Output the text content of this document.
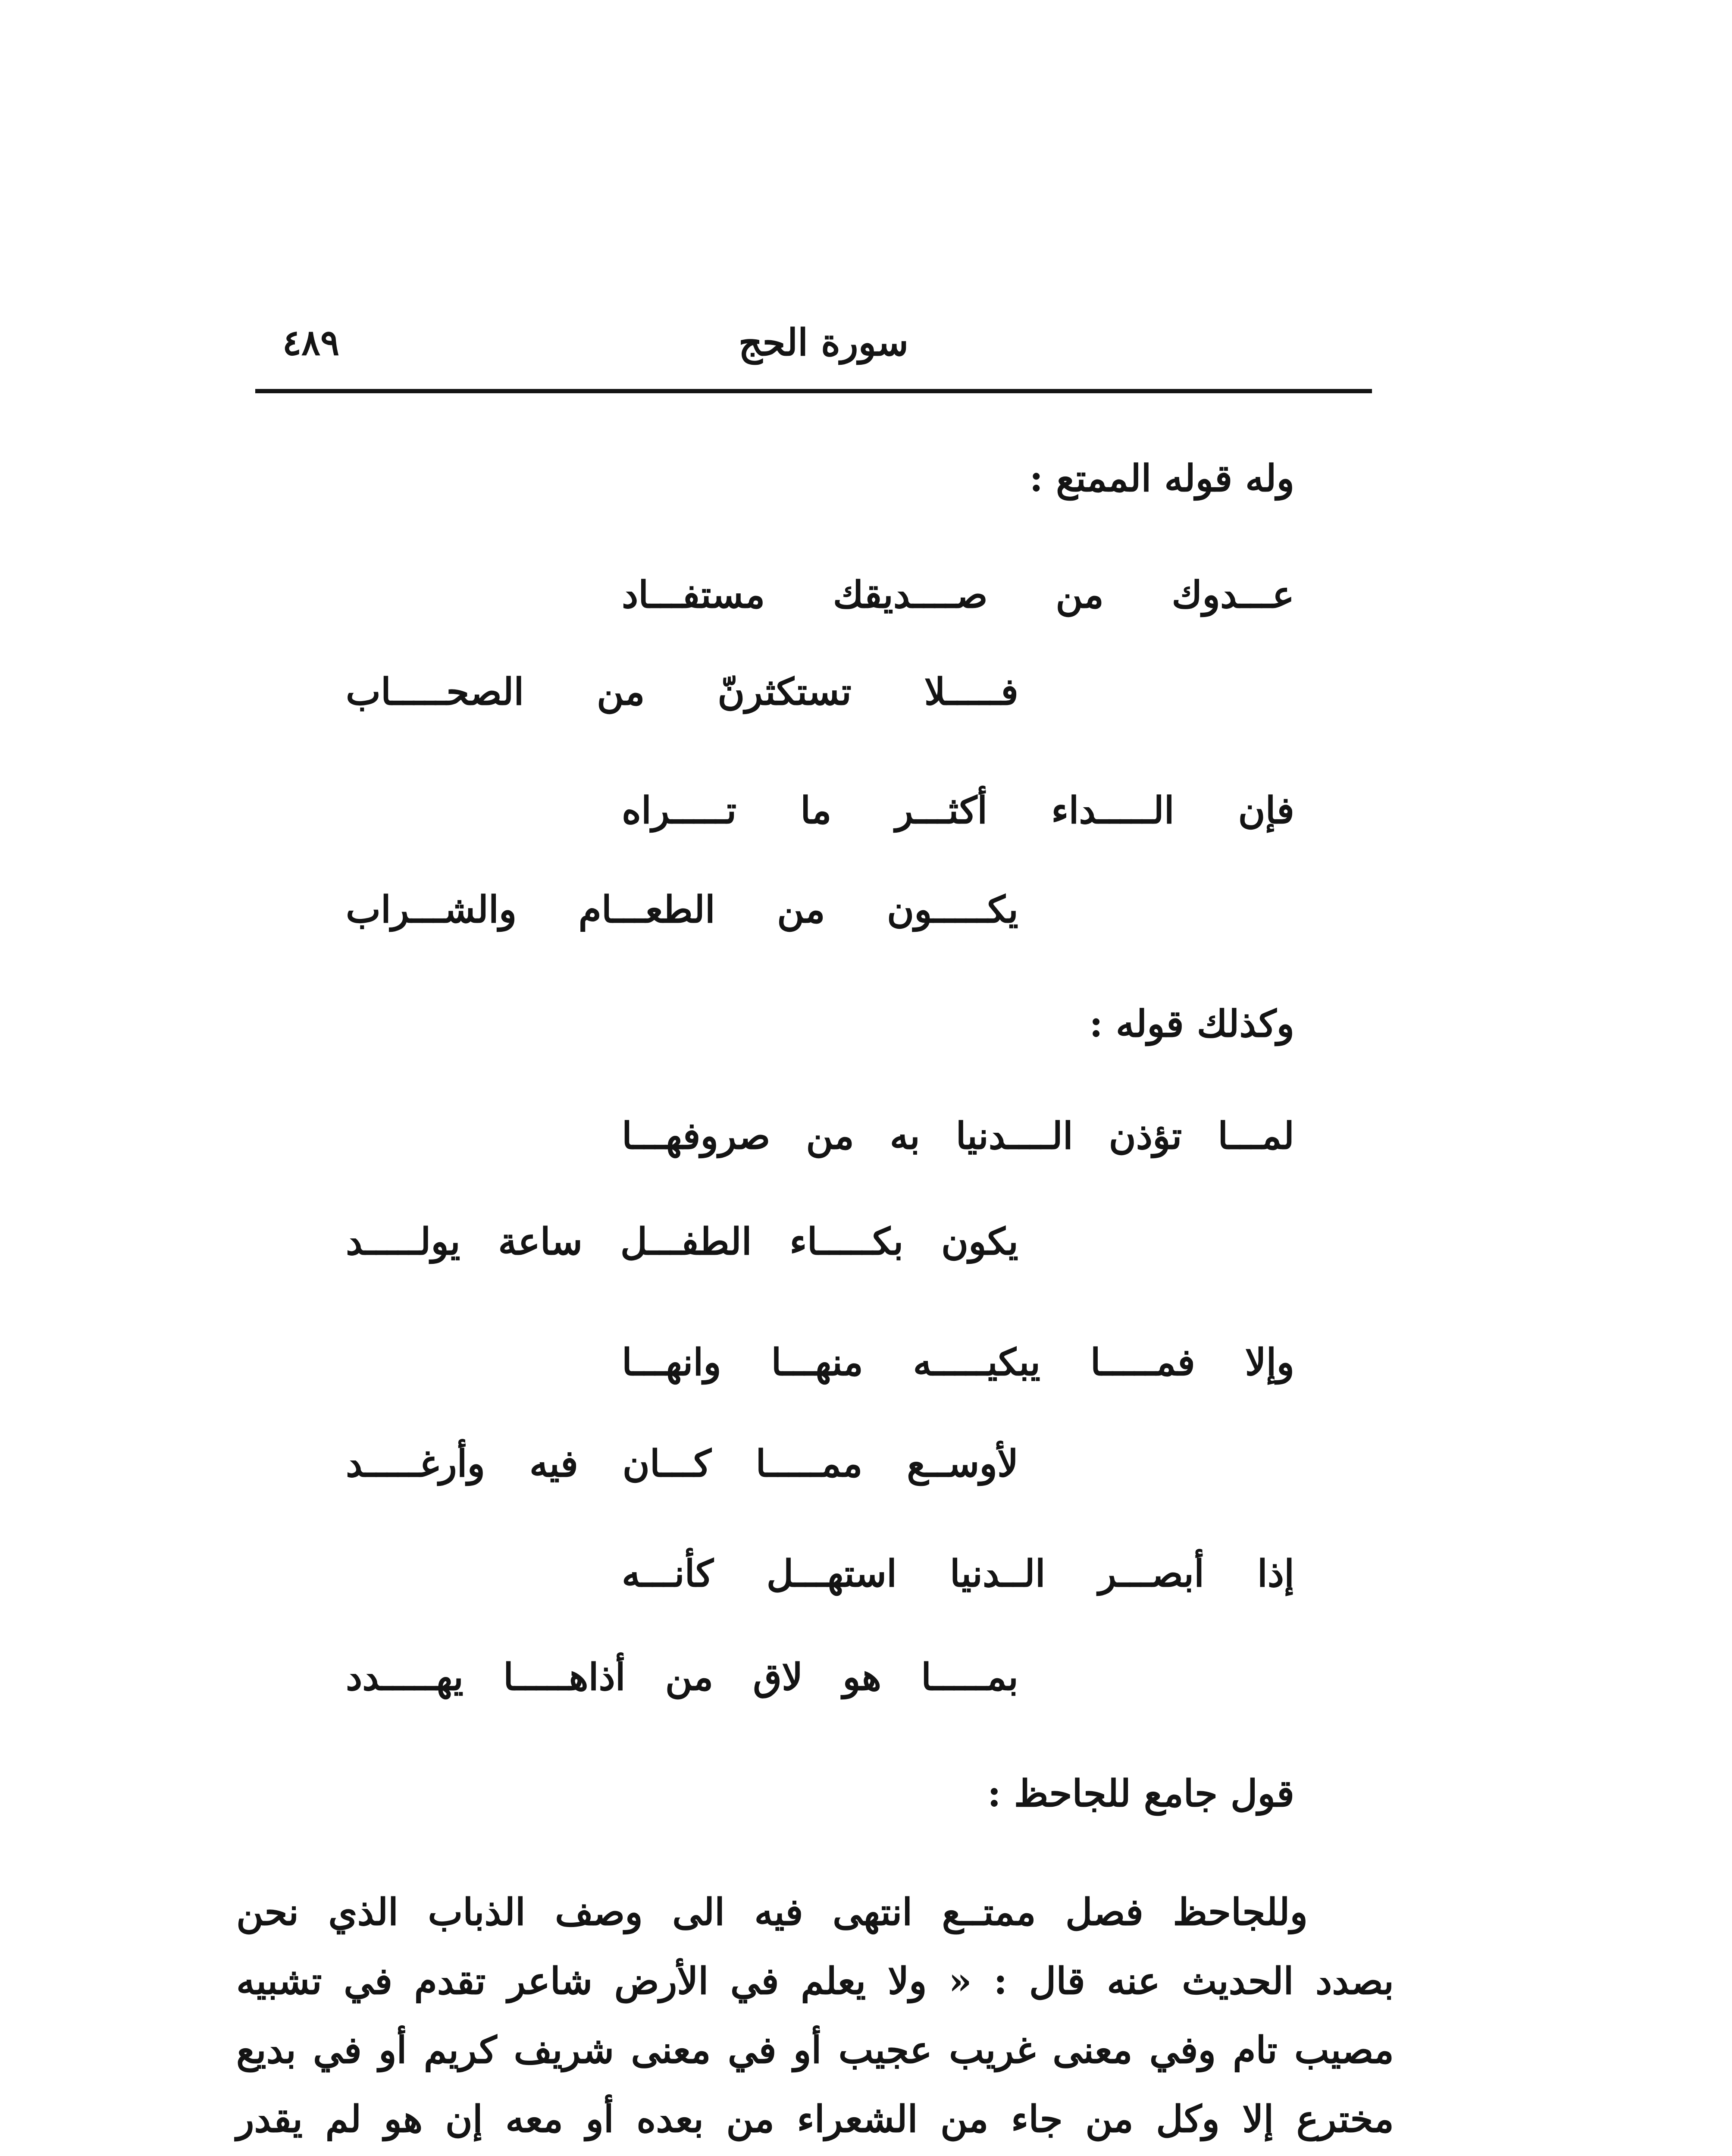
٤٨٩	سورة الحج
وله قوله الممتع :
عـــدوك من صــــديقك مستفـــاد
فـــــلا تستكثرنّ من الصحـــــاب
فإن الـــــداء أكثـــر ما تـــــراه
يكـــــون من الطعـــام والشـــراب
وكذلك قوله :
لمـــا تؤذن الــــدنيا به من صروفهـــا
يكون بكـــــاء الطفـــل ساعة يولـــــد
وإلا فمـــــا يبكيـــــه منهـــا وانهـــا
لأوســع ممـــــا كـــان فيه وأرغـــــد
إذا أبصـــر الــدنيا استهـــل كأنـــه
بمـــــا هو لاق من أذاهـــــا يهـــــدد
قول جامع للجاحظ :
وللجاحظ فصل ممتــع انتهى فيه الى وصف الذباب الذي نحن
بصدد الحديث عنه قال : « ولا يعلم في الأرض شاعر تقدم في تشبيه
مصيب تام وفي معنى غريب عجيب أو في معنى شريف كريم أو في بديع
مخترع إلا وكل من جاء من الشعراء من بعده أو معه إن هو لم يقدر
